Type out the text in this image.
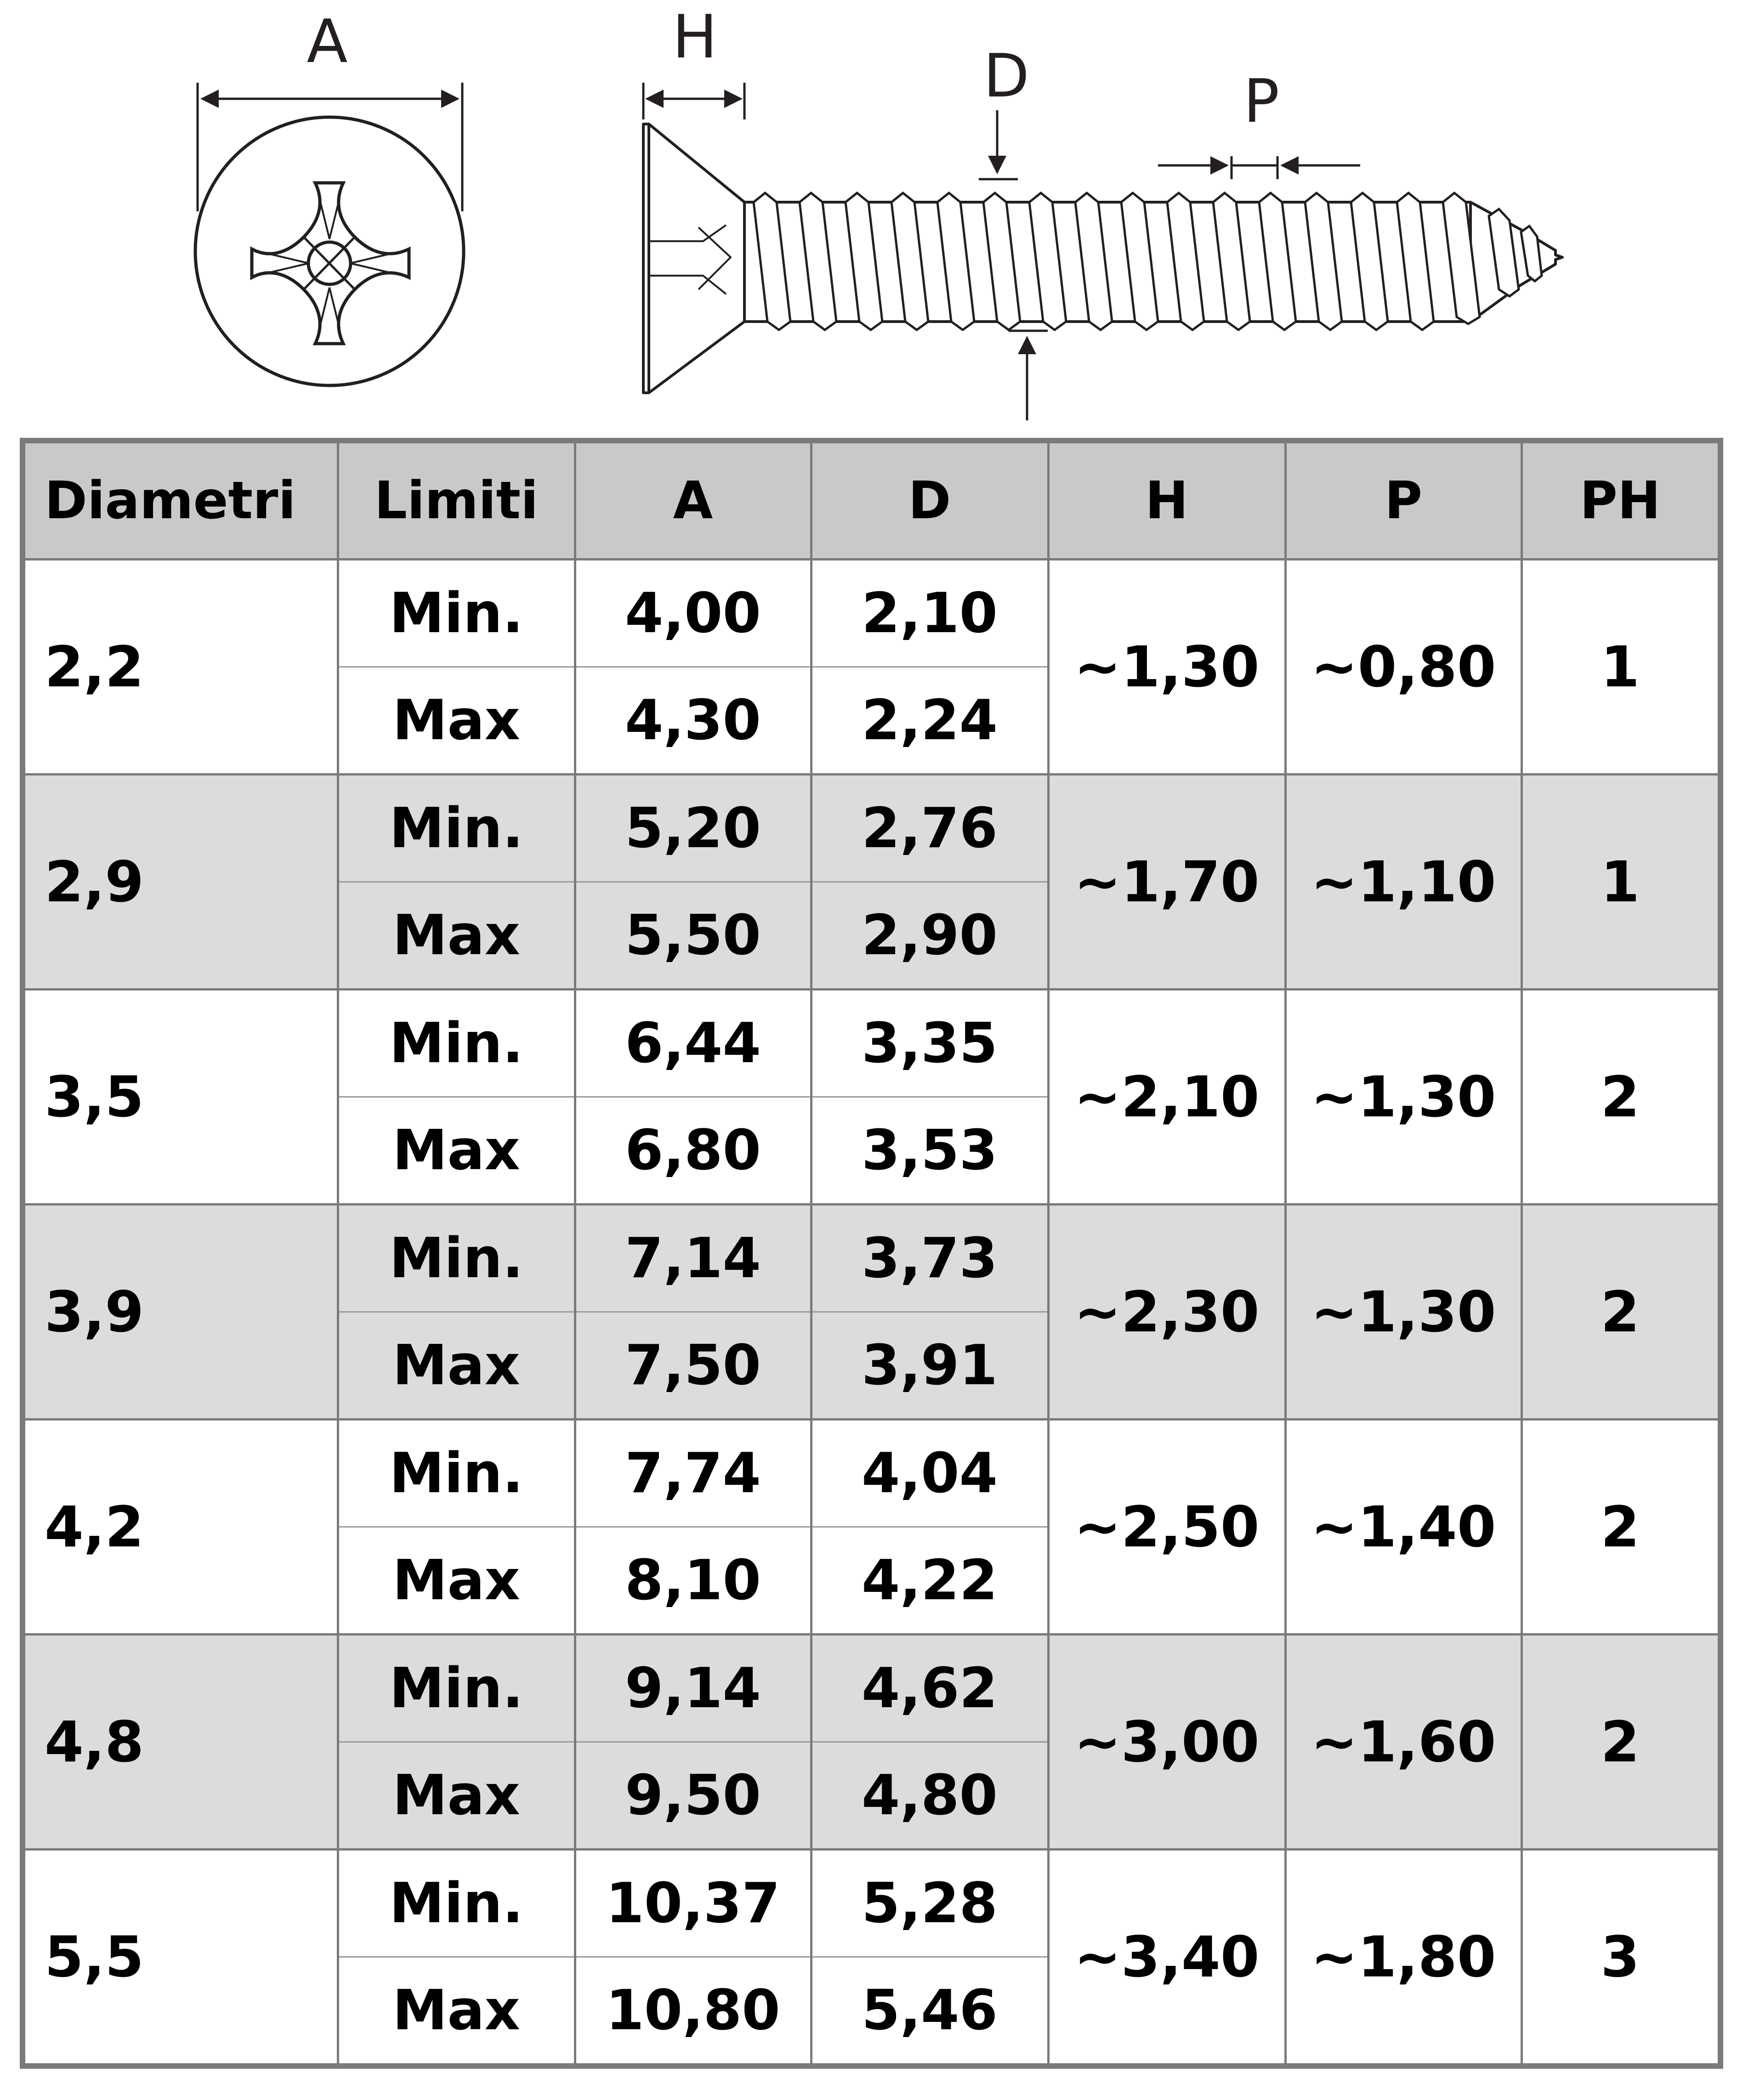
A	H
D	P
Diametri	Limiti	A	D	H	P	PH
2,2	Min.	4,00	2,10	~1,30	~0,80	1
	Max	4,30	2,24			
2,9	Min.	5,20	2,76	~1,70	~1,10	1
	Max	5,50	2,90			
3,5	Min.	6,44	3,35	~2,10	~1,30	2
	Max	6,80	3,53			
3,9	Min.	7,14	3,73	~2,30	~1,30	2
	Max	7,50	3,91			
4,2	Min.	7,74	4,04	~2,50	~1,40	2
	Max	8,10	4,22			
4,8	Min.	9,14	4,62	~3,00	~1,60	2
	Max	9,50	4,80			
5,5	Min.	10,37	5,28	~3,40	~1,80	3
	Max	10,80	5,46			
